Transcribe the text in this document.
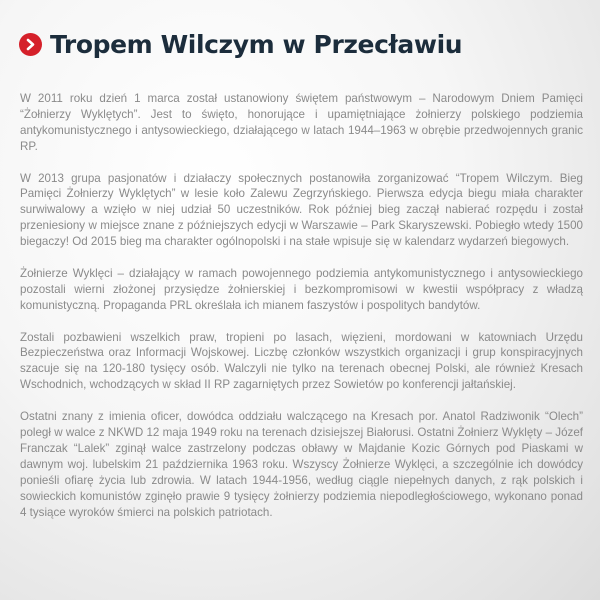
Tropem Wilczym w Przecławiu

W 2011 roku dzień 1 marca został ustanowiony świętem państwowym – Narodowym Dniem Pamięci “Żołnierzy Wyklętych”. Jest to święto, honorujące i upamiętniające żołnierzy polskiego podziemia antykomunistycznego i antysowieckiego, działającego w latach 1944–1963 w obrębie przedwojennych granic RP.

W 2013 grupa pasjonatów i działaczy społecznych postanowiła zorganizować “Tropem Wilczym. Bieg Pamięci Żołnierzy Wyklętych” w lesie koło Zalewu Zegrzyńskiego. Pierwsza edycja biegu miała charakter surwiwalowy a wzięło w niej udział 50 uczestników. Rok później bieg zaczął nabierać rozpędu i został przeniesiony w miejsce znane z późniejszych edycji w Warszawie – Park Skaryszewski. Pobiegło wtedy 1500 biegaczy! Od 2015 bieg ma charakter ogólnopolski i na stałe wpisuje się w kalendarz wydarzeń biegowych.

Żołnierze Wyklęci – działający w ramach powojennego podziemia antykomunistycznego i antysowieckiego pozostali wierni złożonej przysiędze żołnierskiej i bezkompromisowi w kwestii współpracy z władzą komunistyczną. Propaganda PRL określała ich mianem faszystów i pospolitych bandytów.

Zostali pozbawieni wszelkich praw, tropieni po lasach, więzieni, mordowani w katowniach Urzędu Bezpieczeństwa oraz Informacji Wojskowej. Liczbę członków wszystkich organizacji i grup konspiracyjnych szacuje się na 120-180 tysięcy osób. Walczyli nie tylko na terenach obecnej Polski, ale również Kresach Wschodnich, wchodzących w skład II RP zagarniętych przez Sowietów po konferencji jałtańskiej.

Ostatni znany z imienia oficer, dowódca oddziału walczącego na Kresach por. Anatol Radziwonik “Olech” poległ w walce z NKWD 12 maja 1949 roku na terenach dzisiejszej Białorusi. Ostatni Żołnierz Wyklęty – Józef Franczak “Lalek” zginął walce zastrzelony podczas obławy w Majdanie Kozic Górnych pod Piaskami w dawnym woj. lubelskim 21 października 1963 roku. Wszyscy Żołnierze Wyklęci, a szczególnie ich dowódcy ponieśli ofiarę życia lub zdrowia. W latach 1944-1956, według ciągle niepełnych danych, z rąk polskich i sowieckich komunistów zginęło prawie 9 tysięcy żołnierzy podziemia niepodległościowego, wykonano ponad 4 tysiące wyroków śmierci na polskich patriotach.
